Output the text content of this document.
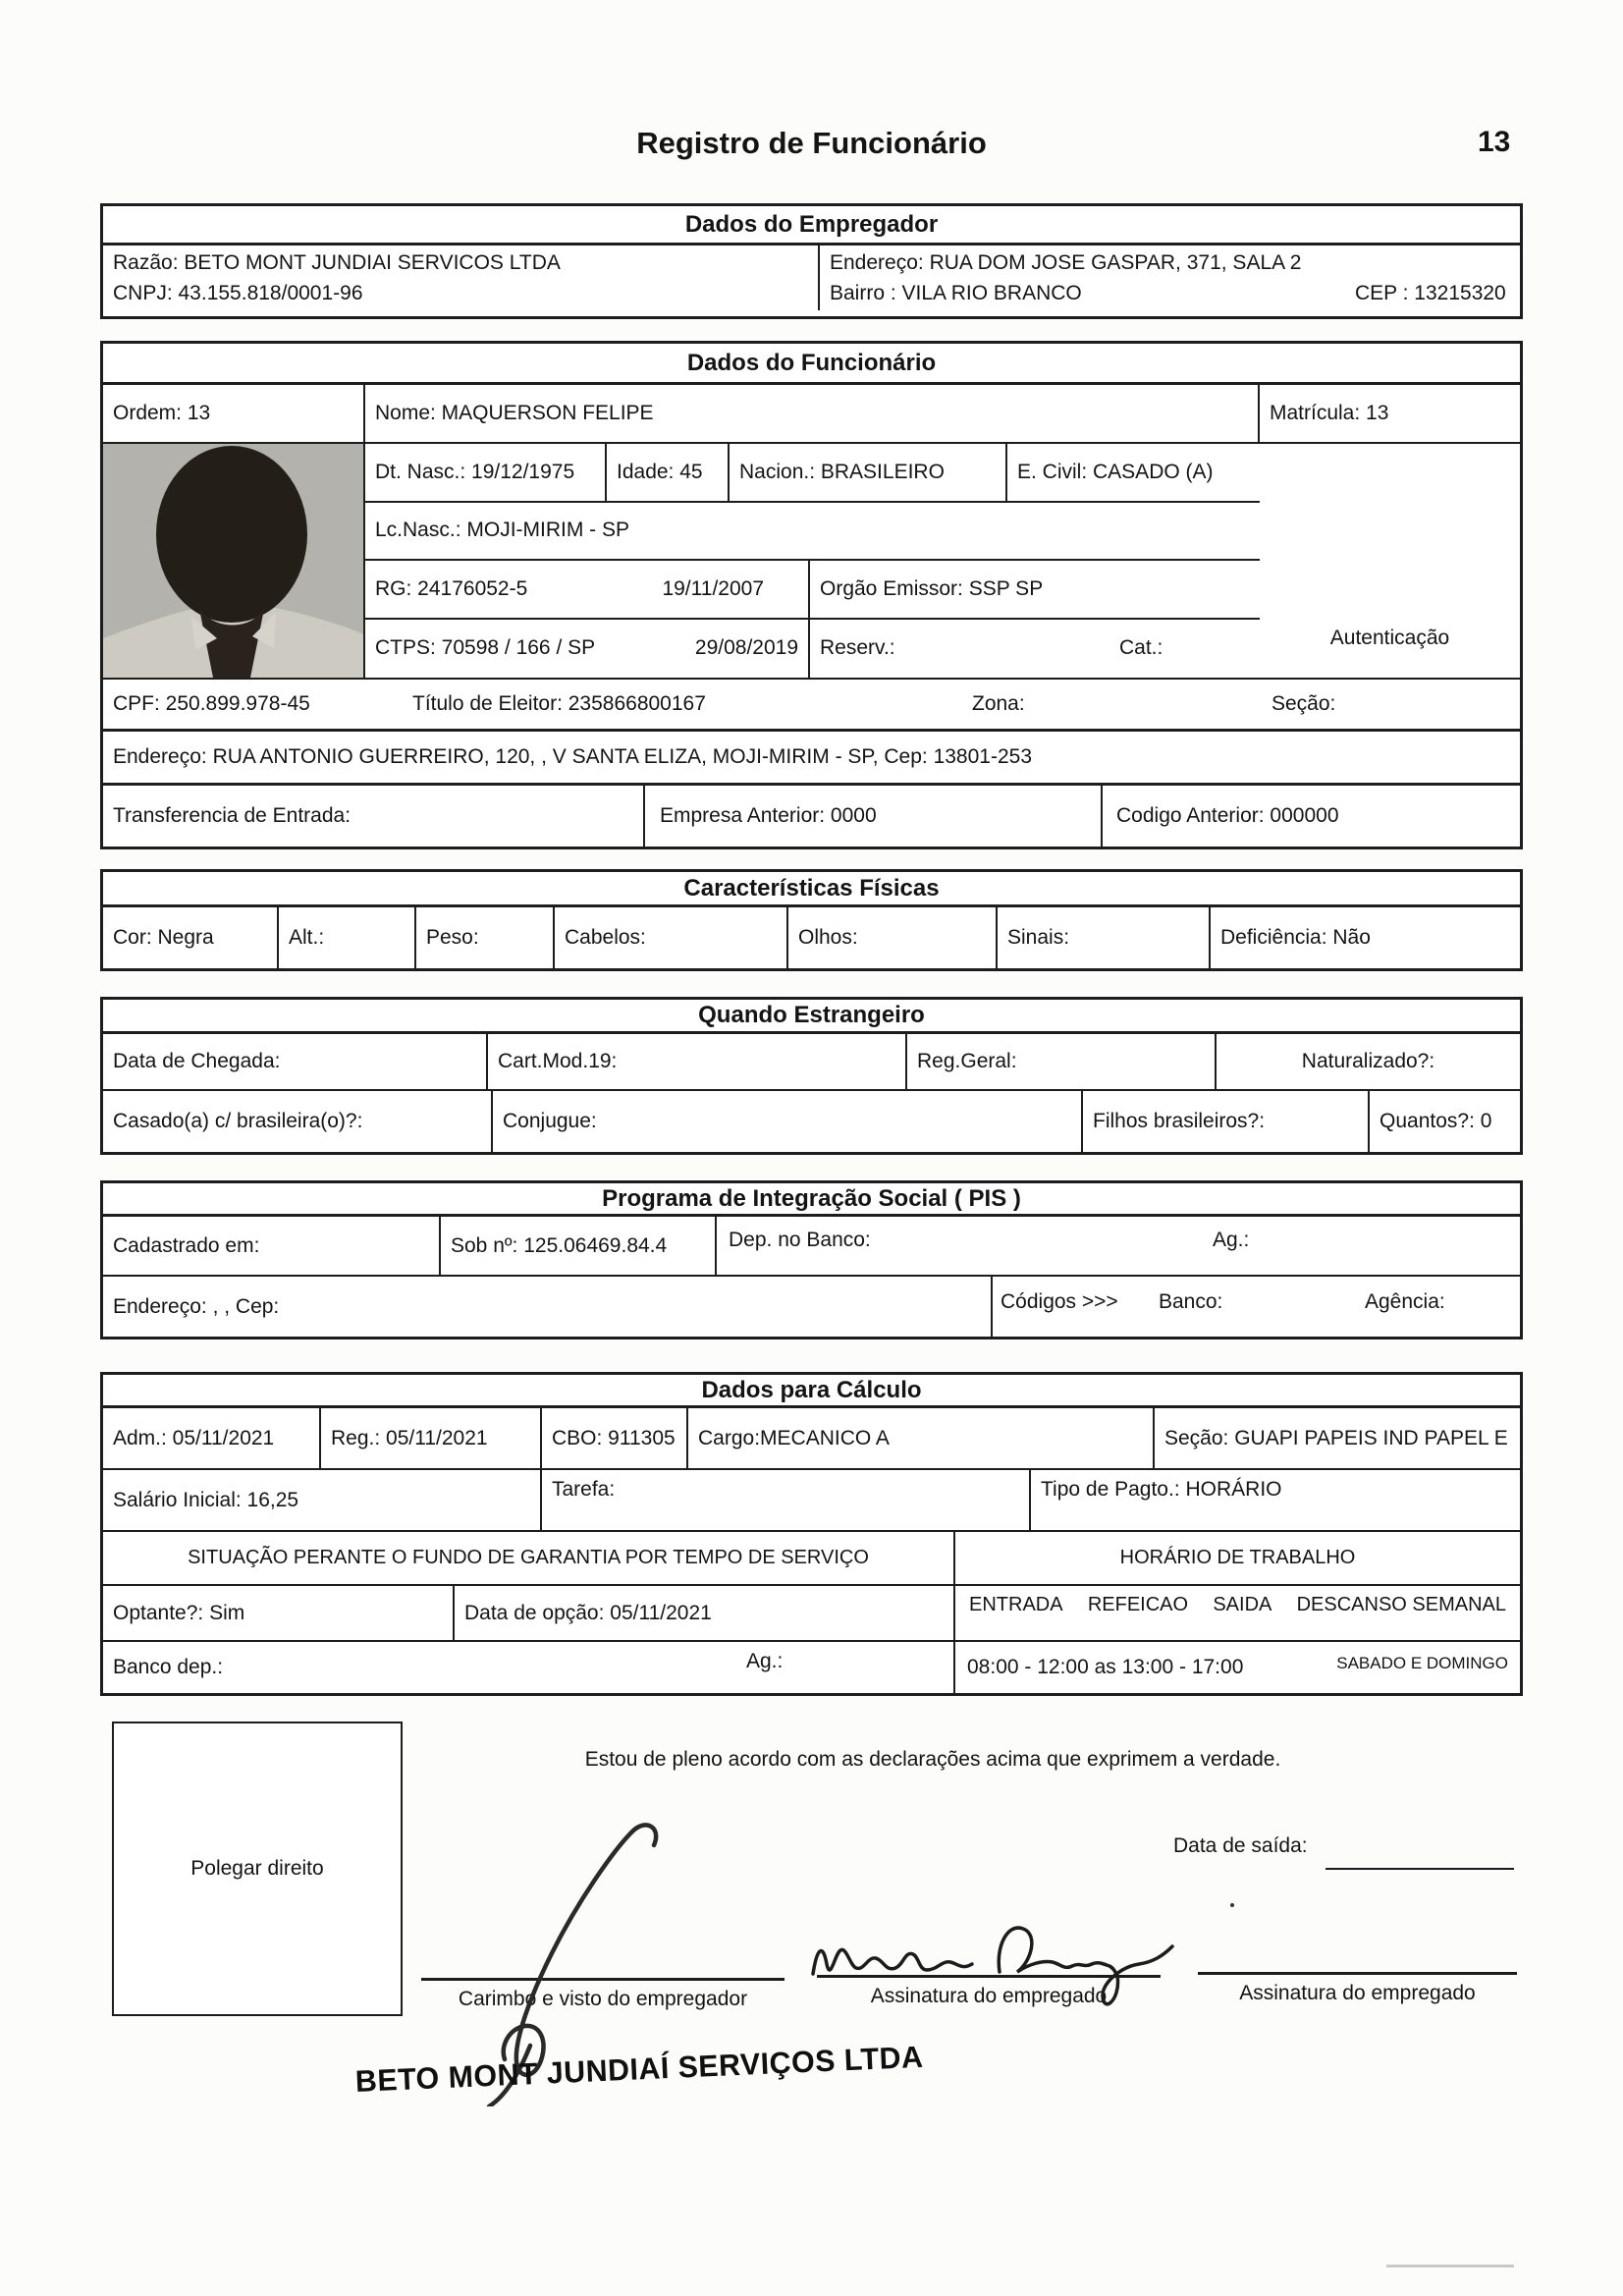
Registro de Funcionário	13
Dados do Empregador
Razão: BETO MONT JUNDIAI SERVICOS LTDA
CNPJ: 43.155.818/0001-96
Endereço: RUA DOM JOSE GASPAR, 371, SALA 2
Bairro : VILA RIO BRANCO	CEP : 13215320
Dados do Funcionário
Ordem: 13	Nome: MAQUERSON FELIPE	Matrícula: 13
Dt. Nasc.: 19/12/1975	Idade: 45	Nacion.: BRASILEIRO	E. Civil: CASADO (A)
Lc.Nasc.: MOJI-MIRIM - SP
RG: 24176052-5	19/11/2007	Orgão Emissor: SSP SP
CTPS: 70598 / 166 / SP	29/08/2019	Reserv.:	Cat.:	Autenticação
CPF: 250.899.978-45	Título de Eleitor: 235866800167	Zona:	Seção:
Endereço: RUA ANTONIO GUERREIRO, 120, , V SANTA ELIZA, MOJI-MIRIM - SP, Cep: 13801-253
Transferencia de Entrada:	Empresa Anterior: 0000	Codigo Anterior: 000000
Características Físicas
Cor: Negra	Alt.:	Peso:	Cabelos:	Olhos:	Sinais:	Deficiência: Não
Quando Estrangeiro
Data de Chegada:	Cart.Mod.19:	Reg.Geral:	Naturalizado?:
Casado(a) c/ brasileira(o)?:	Conjugue:	Filhos brasileiros?:	Quantos?: 0
Programa de Integração Social ( PIS )
Cadastrado em:	Sob nº: 125.06469.84.4	Dep. no Banco:	Ag.:
Endereço: , , Cep:	Códigos >>> Banco:	Agência:
Dados para Cálculo
Adm.: 05/11/2021	Reg.: 05/11/2021	CBO: 911305	Cargo:MECANICO A	Seção: GUAPI PAPEIS IND PAPEL E
Salário Inicial: 16,25	Tarefa:	Tipo de Pagto.: HORÁRIO
SITUAÇÃO PERANTE O FUNDO DE GARANTIA POR TEMPO DE SERVIÇO	HORÁRIO DE TRABALHO
Optante?: Sim	Data de opção: 05/11/2021	ENTRADA REFEICAO SAIDA DESCANSO SEMANAL
Banco dep.:	Ag.:	08:00 - 12:00 as 13:00 - 17:00	SABADO E DOMINGO
Polegar direito
Estou de pleno acordo com as declarações acima que exprimem a verdade.
Data de saída:
Carimbo e visto do empregador	Assinatura do empregado	Assinatura do empregado
BETO MONT JUNDIAÍ SERVIÇOS LTDA
